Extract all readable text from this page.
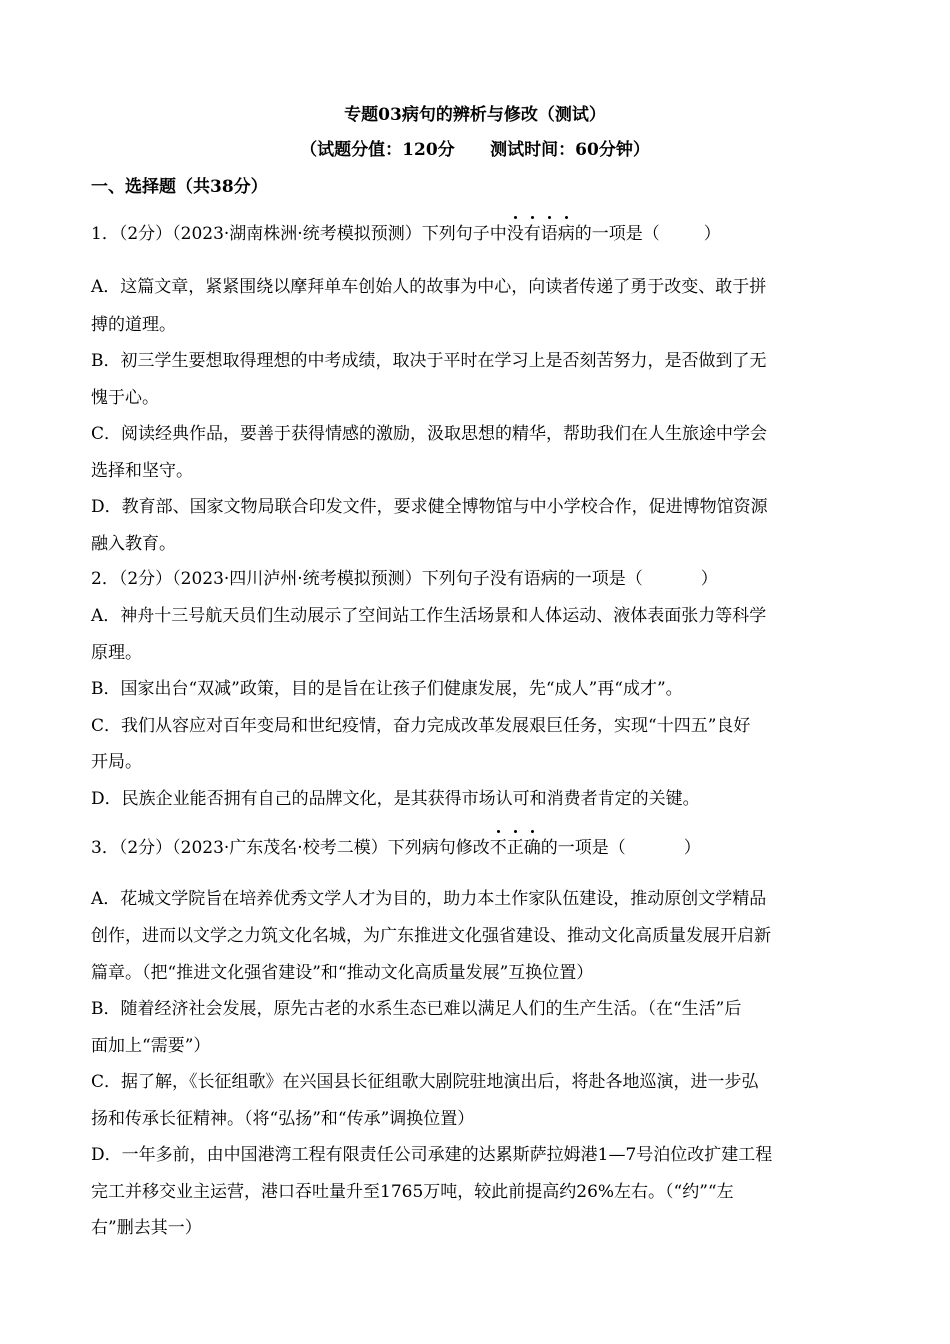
专题03病句的辨析与修改（测试）
（试题分值：120分      测试时间：60分钟）
一、选择题（共38分）
1．（2分）（2023·湖南株洲·统考模拟预测）下列句子中没有语病的一项是（	）
A．这篇文章，紧紧围绕以摩拜单车创始人的故事为中心，向读者传递了勇于改变、敢于拼
搏的道理。
B．初三学生要想取得理想的中考成绩，取决于平时在学习上是否刻苦努力，是否做到了无
愧于心。
C．阅读经典作品，要善于获得情感的激励，汲取思想的精华，帮助我们在人生旅途中学会
选择和坚守。
D．教育部、国家文物局联合印发文件，要求健全博物馆与中小学校合作，促进博物馆资源
融入教育。
2．（2分）（2023·四川泸州·统考模拟预测）下列句子没有语病的一项是（	）
A．神舟十三号航天员们生动展示了空间站工作生活场景和人体运动、液体表面张力等科学
原理。
B．国家出台“双减”政策，目的是旨在让孩子们健康发展，先“成人”再“成才”。
C．我们从容应对百年变局和世纪疫情，奋力完成改革发展艰巨任务，实现“十四五”良好
开局。
D．民族企业能否拥有自己的品牌文化，是其获得市场认可和消费者肯定的关键。
3．（2分）（2023·广东茂名·校考二模）下列病句修改不正确的一项是（	）
A．花城文学院旨在培养优秀文学人才为目的，助力本土作家队伍建设，推动原创文学精品
创作，进而以文学之力筑文化名城，为广东推进文化强省建设、推动文化高质量发展开启新
篇章。（把“推进文化强省建设”和“推动文化高质量发展”互换位置）
B．随着经济社会发展，原先古老的水系生态已难以满足人们的生产生活。（在“生活”后
面加上“需要”）
C．据了解，《长征组歌》在兴国县长征组歌大剧院驻地演出后，将赴各地巡演，进一步弘
扬和传承长征精神。（将“弘扬”和“传承”调换位置）
D．一年多前，由中国港湾工程有限责任公司承建的达累斯萨拉姆港1—7号泊位改扩建工程
完工并移交业主运营，港口吞吐量升至1765万吨，较此前提高约26%左右。（“约”“左
右”删去其一）
